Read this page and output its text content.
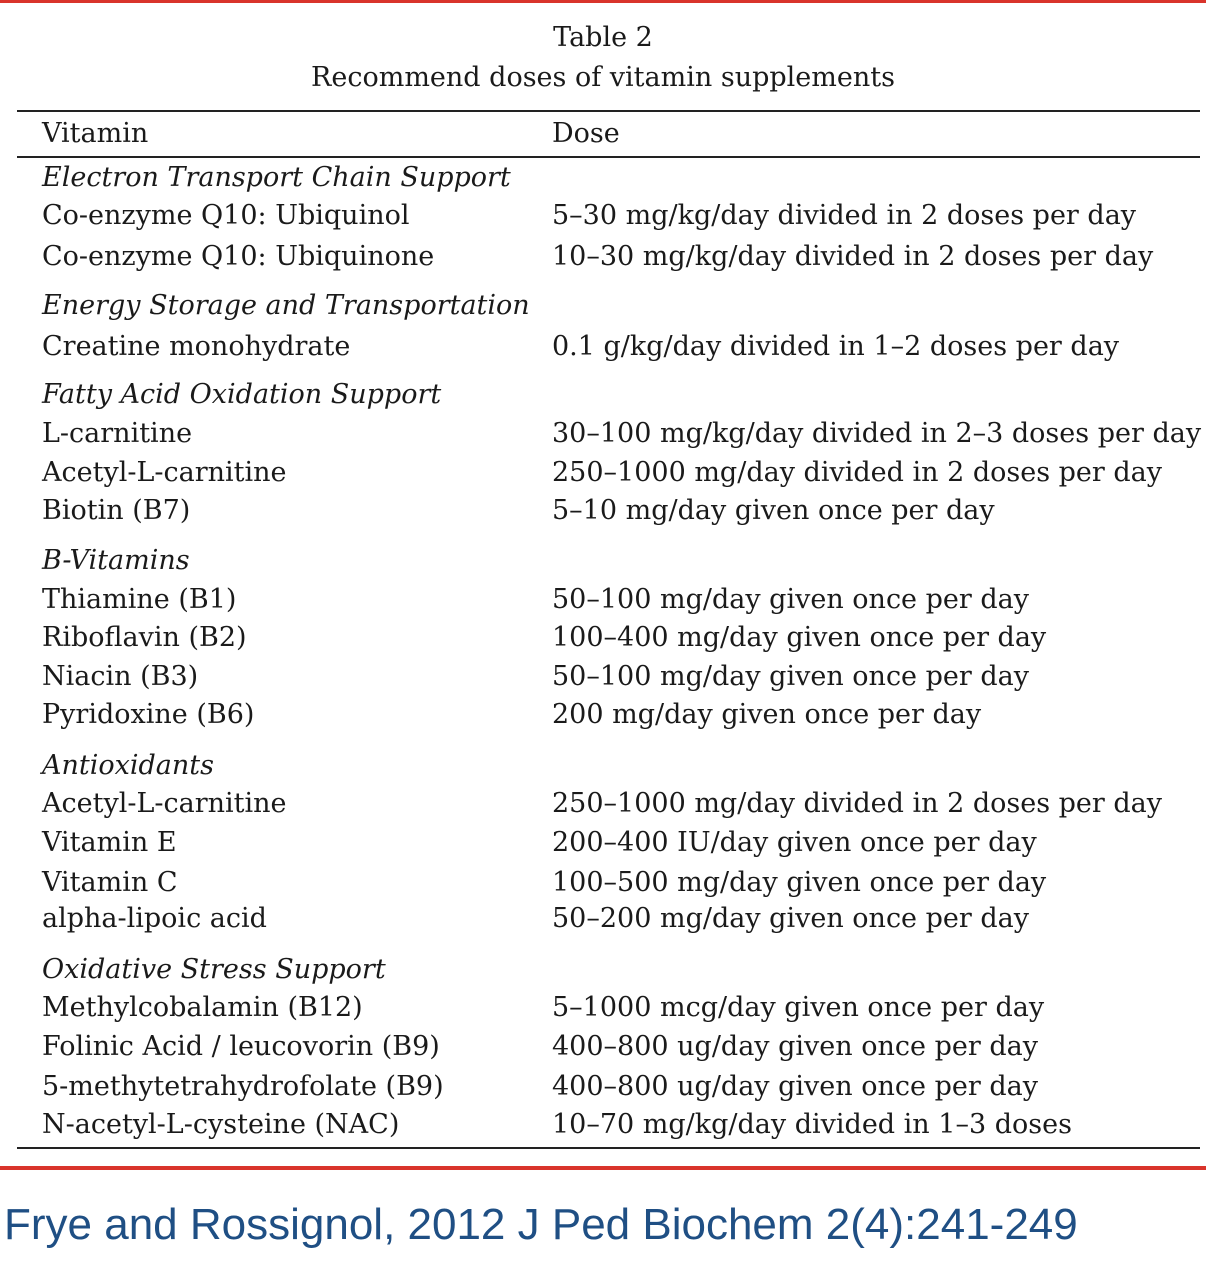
Table 2
Recommend doses of vitamin supplements
Vitamin	Dose
Electron Transport Chain Support
Co-enzyme Q10: Ubiquinol	5–30 mg/kg/day divided in 2 doses per day
Co-enzyme Q10: Ubiquinone	10–30 mg/kg/day divided in 2 doses per day
Energy Storage and Transportation
Creatine monohydrate	0.1 g/kg/day divided in 1–2 doses per day
Fatty Acid Oxidation Support
L-carnitine	30–100 mg/kg/day divided in 2–3 doses per day
Acetyl-L-carnitine	250–1000 mg/day divided in 2 doses per day
Biotin (B7)	5–10 mg/day given once per day
B-Vitamins
Thiamine (B1)	50–100 mg/day given once per day
Riboflavin (B2)	100–400 mg/day given once per day
Niacin (B3)	50–100 mg/day given once per day
Pyridoxine (B6)	200 mg/day given once per day
Antioxidants
Acetyl-L-carnitine	250–1000 mg/day divided in 2 doses per day
Vitamin E	200–400 IU/day given once per day
Vitamin C	100–500 mg/day given once per day
alpha-lipoic acid	50–200 mg/day given once per day
Oxidative Stress Support
Methylcobalamin (B12)	5–1000 mcg/day given once per day
Folinic Acid / leucovorin (B9)	400–800 ug/day given once per day
5-methytetrahydrofolate (B9)	400–800 ug/day given once per day
N-acetyl-L-cysteine (NAC)	10–70 mg/kg/day divided in 1–3 doses
Frye and Rossignol, 2012 J Ped Biochem 2(4):241-249
